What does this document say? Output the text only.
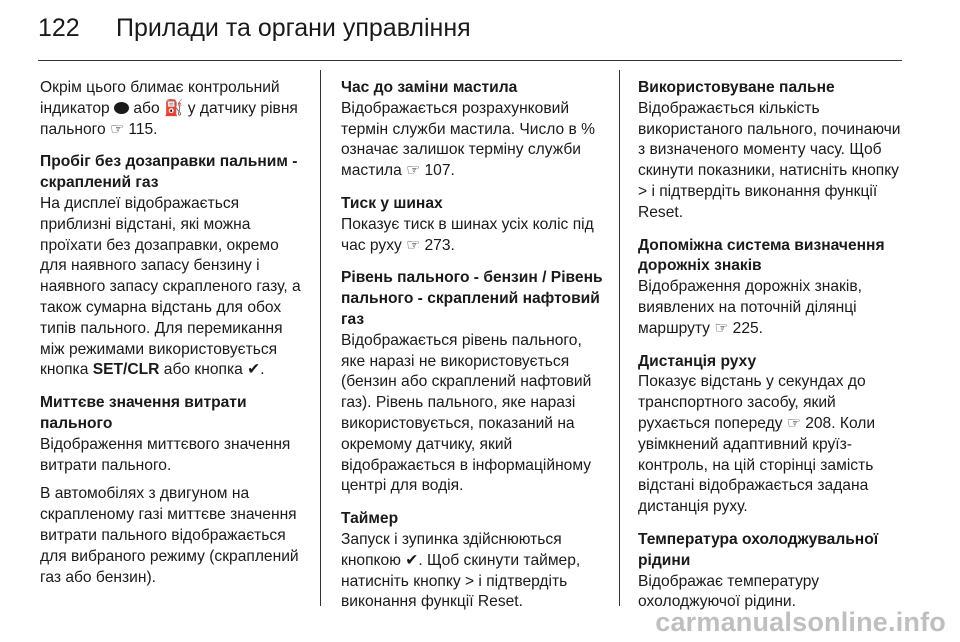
122	Прилади та органи управління

Окрім цього блимає контрольний індикатор  або ⛽ у датчику рівня пального ☞ 115.

Пробіг без дозаправки пальним - скраплений газ

На дисплеї відображається приблизні відстані, які можна проїхати без дозаправки, окремо для наявного запасу бензину і наявного запасу скрапленого газу, а також сумарна відстань для обох типів пального. Для перемикання між режимами використовується кнопка SET/CLR або кнопка ✔.

Миттєве значення витрати пального

Відображення миттєвого значення витрати пального.

В автомобілях з двигуном на скрапленому газі миттєве значення витрати пального відображається для вибраного режиму (скраплений газ або бензин).

Час до заміни мастила

Відображається розрахунковий термін служби мастила. Число в % означає залишок терміну служби мастила ☞ 107.

Тиск у шинах

Показує тиск в шинах усіх коліс під час руху ☞ 273.

Рівень пального - бензин / Рівень пального - скраплений нафтовий газ

Відображається рівень пального, яке наразі не використовується (бензин або скраплений нафтовий газ). Рівень пального, яке наразі використовується, показаний на окремому датчику, який відображається в інформаційному центрі для водія.

Таймер

Запуск і зупинка здійснюються кнопкою ✔. Щоб скинути таймер, натисніть кнопку > і підтвердіть виконання функції Reset.

Використовуване пальне

Відображається кількість використаного пального, починаючи з визначеного моменту часу. Щоб скинути показники, натисніть кнопку > і підтвердіть виконання функції Reset.

Допоміжна система визначення дорожніх знаків

Відображення дорожніх знаків, виявлених на поточній ділянці маршруту ☞ 225.

Дистанція руху

Показує відстань у секундах до транспортного засобу, який рухається попереду ☞ 208. Коли увімкнений адаптивний круїз-контроль, на цій сторінці замість відстані відображається задана дистанція руху.

Температура охолоджувальної рідини

Відображає температуру охолоджуючої рідини.

carmanualsonline.info
